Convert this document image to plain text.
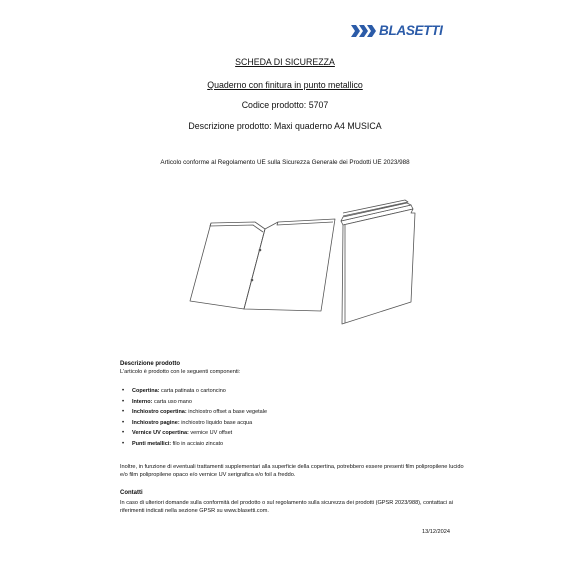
BLASETTI
SCHEDA DI SICUREZZA
Quaderno con finitura in punto metallico
Codice prodotto: 5707
Descrizione prodotto: Maxi quaderno A4 MUSICA
Articolo conforme al Regolamento UE sulla Sicurezza Generale dei Prodotti UE 2023/988
Descrizione prodotto
L'articolo è prodotto con le seguenti componenti:
• Copertina: carta patinata o cartoncino
• Interno: carta uso mano
• Inchiostro copertina: inchiostro offset a base vegetale
• Inchiostro pagine: inchiostro liquido base acqua
• Vernice UV copertina: vernice UV offset
• Punti metallici: filo in acciaio zincato
Inoltre, in funzione di eventuali trattamenti supplementari alla superficie della copertina, potrebbero essere presenti film polipropilene lucido e/o film polipropilene opaco e/o vernice UV serigrafica e/o foil a freddo.
Contatti
In caso di ulteriori domande sulla conformità del prodotto o sul regolamento sulla sicurezza dei prodotti (GPSR 2023/988), contattaci ai riferimenti indicati nella sezione GPSR su www.blasetti.com.
13/12/2024
